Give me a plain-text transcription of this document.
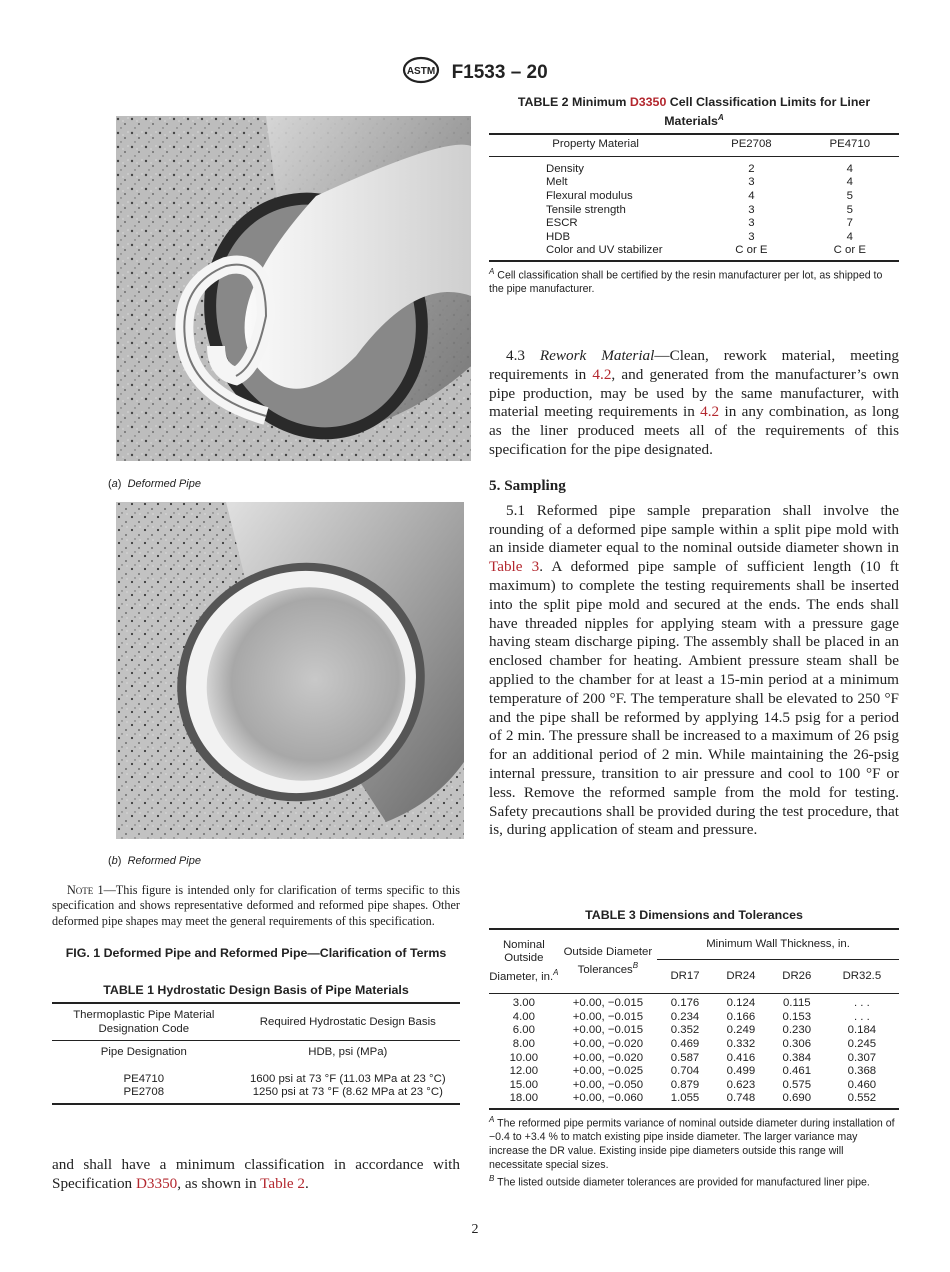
ASTM F1533 – 20
(a)  Deformed Pipe
(b)  Reformed Pipe
Note 1—This figure is intended only for clarification of terms specific to this specification and shows representative deformed and reformed pipe shapes. Other deformed pipe shapes may meet the general requirements of this specification.
FIG. 1 Deformed Pipe and Reformed Pipe—Clarification of Terms
TABLE 1 Hydrostatic Design Basis of Pipe Materials
Thermoplastic Pipe Material Designation Code	Required Hydrostatic Design Basis
Pipe Designation	HDB, psi (MPa)
PE4710	1600 psi at 73 °F (11.03 MPa at 23 °C)
PE2708	1250 psi at 73 °F (8.62 MPa at 23 °C)
and shall have a minimum classification in accordance with Specification D3350, as shown in Table 2.
TABLE 2 Minimum D3350 Cell Classification Limits for Liner Materials$^A$
Property Material	PE2708	PE4710
Density	2	4
Melt	3	4
Flexural modulus	4	5
Tensile strength	3	5
ESCR	3	7
HDB	3	4
Color and UV stabilizer	C or E	C or E
$^A$ Cell classification shall be certified by the resin manufacturer per lot, as shipped to the pipe manufacturer.

4.3 Rework Material—Clean, rework material, meeting requirements in 4.2, and generated from the manufacturer’s own pipe production, may be used by the same manufacturer, with material meeting requirements in 4.2 in any combination, as long as the liner produced meets all of the requirements of this specification for the pipe designated.

5. Sampling

5.1 Reformed pipe sample preparation shall involve the rounding of a deformed pipe sample within a split pipe mold with an inside diameter equal to the nominal outside diameter shown in Table 3. A deformed pipe sample of sufficient length (10 ft maximum) to complete the testing requirements shall be inserted into the split pipe mold and secured at the ends. The ends shall have threaded nipples for applying steam with a pressure gage having steam discharge piping. The assembly shall be placed in an enclosed chamber for heating. Ambient pressure steam shall be applied to the chamber for at least a 15-min period at a minimum temperature of 200 °F. The temperature shall be elevated to 250 °F and the pipe shall be reformed by applying 14.5 psig for a period of 2 min. The pressure shall be increased to a maximum of 26 psig for an additional period of 2 min. While maintaining the 26-psig internal pressure, transition to air pressure and cool to 100 °F or less. Remove the reformed sample from the mold for testing. Safety precautions shall be provided during the test procedure, that is, during application of steam and pressure.

TABLE 3 Dimensions and Tolerances
Nominal Outside Diameter, in.$^A$	Outside Diameter Tolerances$^B$	Minimum Wall Thickness, in.			
		DR17	DR24	DR26	DR32.5
3.00	+0.00, −0.015	0.176	0.124	0.115	. . .
4.00	+0.00, −0.015	0.234	0.166	0.153	. . .
6.00	+0.00, −0.015	0.352	0.249	0.230	0.184
8.00	+0.00, −0.020	0.469	0.332	0.306	0.245
10.00	+0.00, −0.020	0.587	0.416	0.384	0.307
12.00	+0.00, −0.025	0.704	0.499	0.461	0.368
15.00	+0.00, −0.050	0.879	0.623	0.575	0.460
18.00	+0.00, −0.060	1.055	0.748	0.690	0.552
$^A$ The reformed pipe permits variance of nominal outside diameter during installation of −0.4 to +3.4 % to match existing pipe inside diameter. The larger variance may increase the DR value. Existing inside pipe diameters outside this range will necessitate special sizes.
$^B$ The listed outside diameter tolerances are provided for manufactured liner pipe.
2
